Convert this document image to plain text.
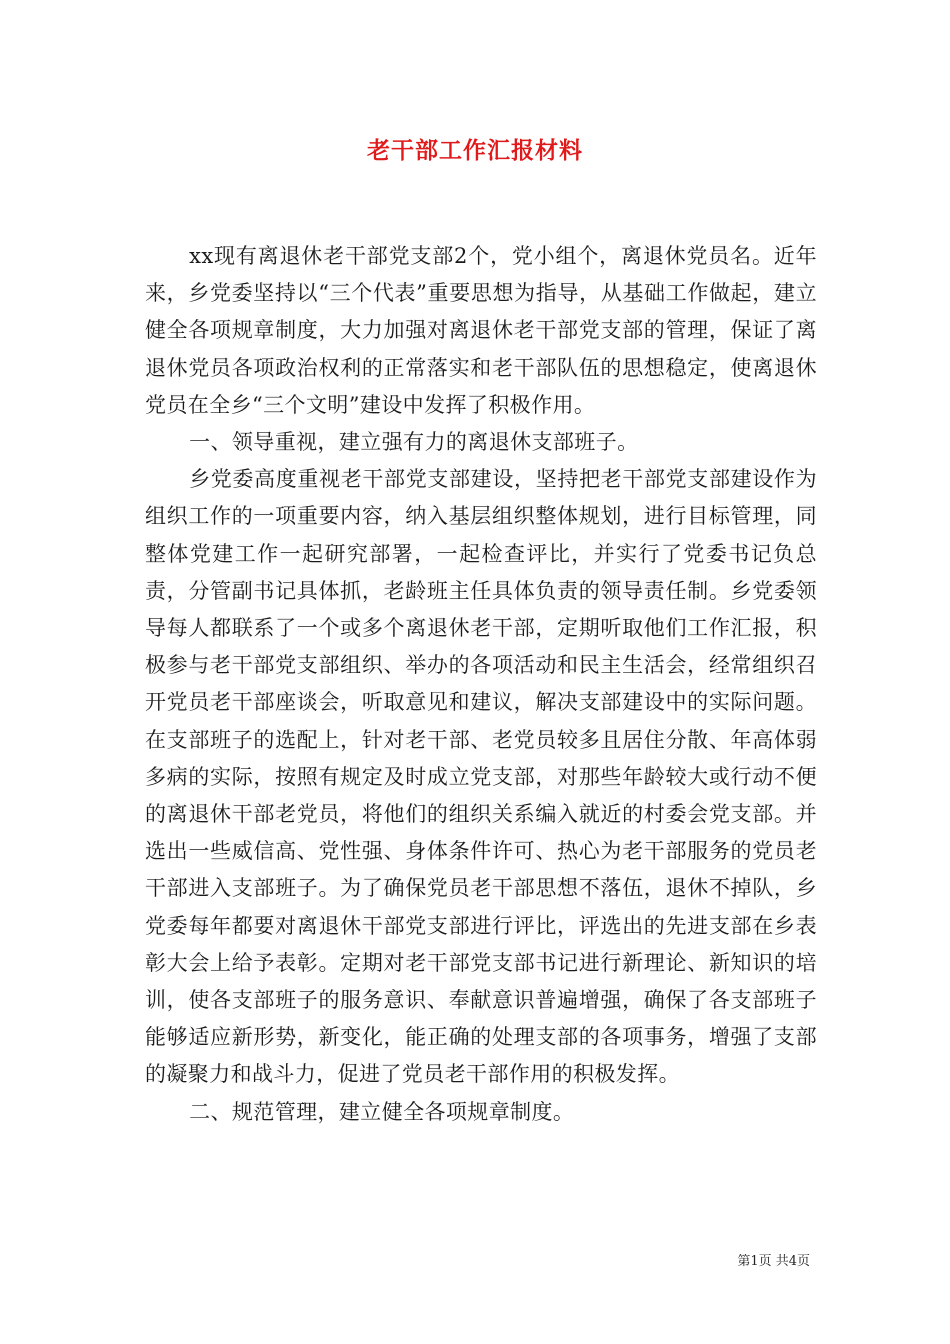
老干部工作汇报材料

xx现有离退休老干部党支部2个，党小组个，离退休党员名。近年来，乡党委坚持以“三个代表”重要思想为指导，从基础工作做起，建立健全各项规章制度，大力加强对离退休老干部党支部的管理，保证了离退休党员各项政治权利的正常落实和老干部队伍的思想稳定，使离退休党员在全乡“三个文明”建设中发挥了积极作用。

一、领导重视，建立强有力的离退休支部班子。

乡党委高度重视老干部党支部建设，坚持把老干部党支部建设作为组织工作的一项重要内容，纳入基层组织整体规划，进行目标管理，同整体党建工作一起研究部署，一起检查评比，并实行了党委书记负总责，分管副书记具体抓，老龄班主任具体负责的领导责任制。乡党委领导每人都联系了一个或多个离退休老干部，定期听取他们工作汇报，积极参与老干部党支部组织、举办的各项活动和民主生活会，经常组织召开党员老干部座谈会，听取意见和建议，解决支部建设中的实际问题。在支部班子的选配上，针对老干部、老党员较多且居住分散、年高体弱多病的实际，按照有规定及时成立党支部，对那些年龄较大或行动不便的离退休干部老党员，将他们的组织关系编入就近的村委会党支部。并选出一些威信高、党性强、身体条件许可、热心为老干部服务的党员老干部进入支部班子。为了确保党员老干部思想不落伍，退休不掉队，乡党委每年都要对离退休干部党支部进行评比，评选出的先进支部在乡表彰大会上给予表彰。定期对老干部党支部书记进行新理论、新知识的培训，使各支部班子的服务意识、奉献意识普遍增强，确保了各支部班子能够适应新形势，新变化，能正确的处理支部的各项事务，增强了支部的凝聚力和战斗力，促进了党员老干部作用的积极发挥。

二、规范管理，建立健全各项规章制度。

第1页 共4页
